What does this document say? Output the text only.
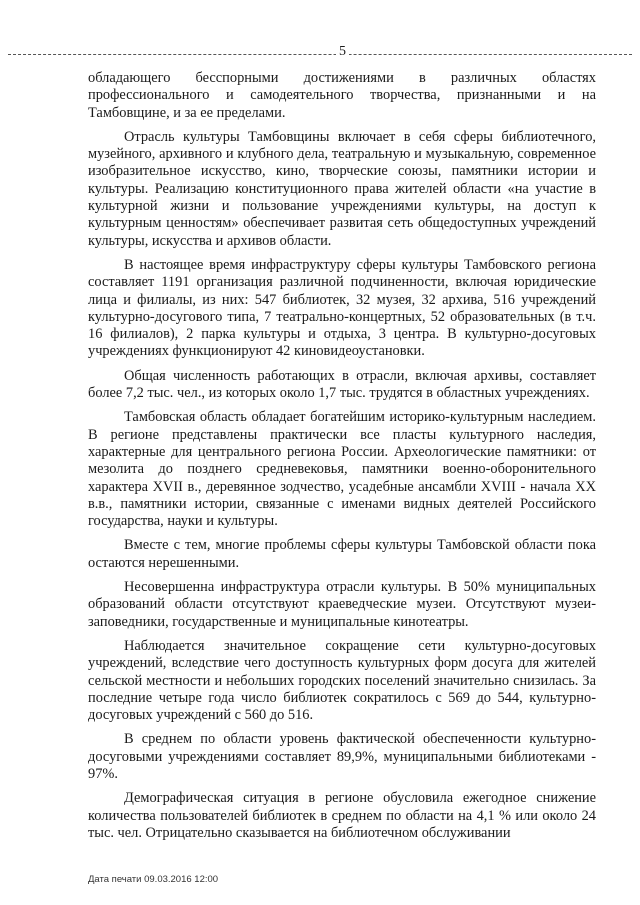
5

обладающего бесспорными достижениями в различных областях профессионального и самодеятельного творчества, признанными и на Тамбовщине, и за ее пределами.

Отрасль культуры Тамбовщины включает в себя сферы библиотечного, музейного, архивного и клубного дела, театральную и музыкальную, современное изобразительное искусство, кино, творческие союзы, памятники истории и культуры. Реализацию конституционного права жителей области «на участие в культурной жизни и пользование учреждениями культуры, на доступ к культурным ценностям» обеспечивает развитая сеть общедоступных учреждений культуры, искусства и архивов области.

В настоящее время инфраструктуру сферы культуры Тамбовского региона составляет 1191 организация различной подчиненности, включая юридические лица и филиалы, из них: 547 библиотек, 32 музея, 32 архива, 516 учреждений культурно-досугового типа, 7 театрально-концертных, 52 образовательных (в т.ч. 16 филиалов), 2 парка культуры и отдыха, 3 центра. В культурно-досуговых учреждениях функционируют 42 киновидеоустановки.

Общая численность работающих в отрасли, включая архивы, составляет более 7,2 тыс. чел., из которых около 1,7 тыс. трудятся в областных учреждениях.

Тамбовская область обладает богатейшим историко-культурным наследием. В регионе представлены практически все пласты культурного наследия, характерные для центрального региона России. Археологические памятники: от мезолита до позднего средневековья, памятники военно-оборонительного характера XVII в., деревянное зодчество, усадебные ансамбли XVIII - начала XX в.в., памятники истории, связанные с именами видных деятелей Российского государства, науки и культуры.

Вместе с тем, многие проблемы сферы культуры Тамбовской области пока остаются нерешенными.

Несовершенна инфраструктура отрасли культуры. В 50% муниципальных образований области отсутствуют краеведческие музеи. Отсутствуют музеи-заповедники, государственные и муниципальные кинотеатры.

Наблюдается значительное сокращение сети культурно-досуговых учреждений, вследствие чего доступность культурных форм досуга для жителей сельской местности и небольших городских поселений значительно снизилась. За последние четыре года число библиотек сократилось с 569 до 544, культурно-досуговых учреждений с 560 до 516.

В среднем по области уровень фактической обеспеченности культурно-досуговыми учреждениями составляет 89,9%, муниципальными библиотеками - 97%.

Демографическая ситуация в регионе обусловила ежегодное снижение количества пользователей библиотек в среднем по области на 4,1 % или около 24 тыс. чел. Отрицательно сказывается на библиотечном обслуживании

Дата печати 09.03.2016 12:00
